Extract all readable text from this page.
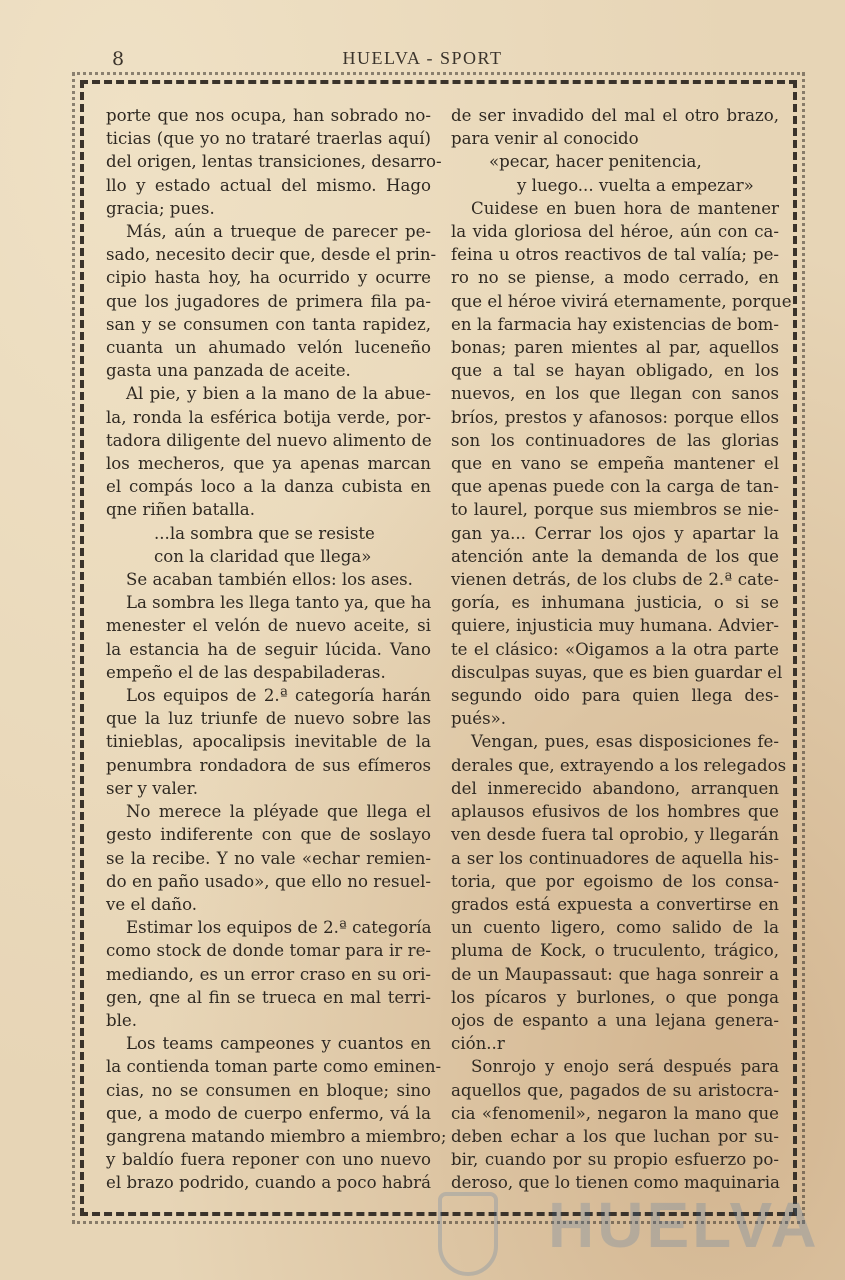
8	HUELVA - SPORT

porte que nos ocupa, han sobrado no-

ticias (que yo no trataré traerlas aquí)

del origen, lentas transiciones, desarro-

llo y estado actual del mismo. Hago

gracia; pues.

Más, aún a trueque de parecer pe-

sado, necesito decir que, desde el prin-

cipio hasta hoy, ha ocurrido y ocurre

que los jugadores de primera fila pa-

san y se consumen con tanta rapidez,

cuanta un ahumado velón luceneño

gasta una panzada de aceite.

Al pie, y bien a la mano de la abue-

la, ronda la esférica botija verde, por-

tadora diligente del nuevo alimento de

los mecheros, que ya apenas marcan

el compás loco a la danza cubista en

qne riñen batalla.

...la sombra que se resiste

con la claridad que llega»

Se acaban también ellos: los ases.

La sombra les llega tanto ya, que ha

menester el velón de nuevo aceite, si

la estancia ha de seguir lúcida. Vano

empeño el de las despabiladeras.

Los equipos de 2.ª categoría harán

que la luz triunfe de nuevo sobre las

tinieblas, apocalipsis inevitable de la

penumbra rondadora de sus efímeros

ser y valer.

No merece la pléyade que llega el

gesto indiferente con que de soslayo

se la recibe. Y no vale «echar remien-

do en paño usado», que ello no resuel-

ve el daño.

Estimar los equipos de 2.ª categoría

como stock de donde tomar para ir re-

mediando, es un error craso en su ori-

gen, qne al fin se trueca en mal terri-

ble.

Los teams campeones y cuantos en

la contienda toman parte como eminen-

cias, no se consumen en bloque; sino

que, a modo de cuerpo enfermo, vá la

gangrena matando miembro a miembro;

y baldío fuera reponer con uno nuevo

el brazo podrido, cuando a poco habrá

de ser invadido del mal el otro brazo,

para venir al conocido

«pecar, hacer penitencia,

y luego... vuelta a empezar»

Cuidese en buen hora de mantener

la vida gloriosa del héroe, aún con ca-

feina u otros reactivos de tal valía; pe-

ro no se piense, a modo cerrado, en

que el héroe vivirá eternamente, porque

en la farmacia hay existencias de bom-

bonas; paren mientes al par, aquellos

que a tal se hayan obligado, en los

nuevos, en los que llegan con sanos

bríos, prestos y afanosos: porque ellos

son los continuadores de las glorias

que en vano se empeña mantener el

que apenas puede con la carga de tan-

to laurel, porque sus miembros se nie-

gan ya... Cerrar los ojos y apartar la

atención ante la demanda de los que

vienen detrás, de los clubs de 2.ª cate-

goría, es inhumana justicia, o si se

quiere, injusticia muy humana. Advier-

te el clásico: «Oigamos a la otra parte

disculpas suyas, que es bien guardar el

segundo oido para quien llega des-

pués».

Vengan, pues, esas disposiciones fe-

derales que, extrayendo a los relegados

del inmerecido abandono, arranquen

aplausos efusivos de los hombres que

ven desde fuera tal oprobio, y llegarán

a ser los continuadores de aquella his-

toria, que por egoismo de los consa-

grados está expuesta a convertirse en

un cuento ligero, como salido de la

pluma de Kock, o truculento, trágico,

de un Maupassaut: que haga sonreir a

los pícaros y burlones, o que ponga

ojos de espanto a una lejana genera-

ción..r

Sonrojo y enojo será después para

aquellos que, pagados de su aristocra-

cia «fenomenil», negaron la mano que

deben echar a los que luchan por su-

bir, cuando por su propio esfuerzo po-

deroso, que lo tienen como maquinaria

HUELVA
